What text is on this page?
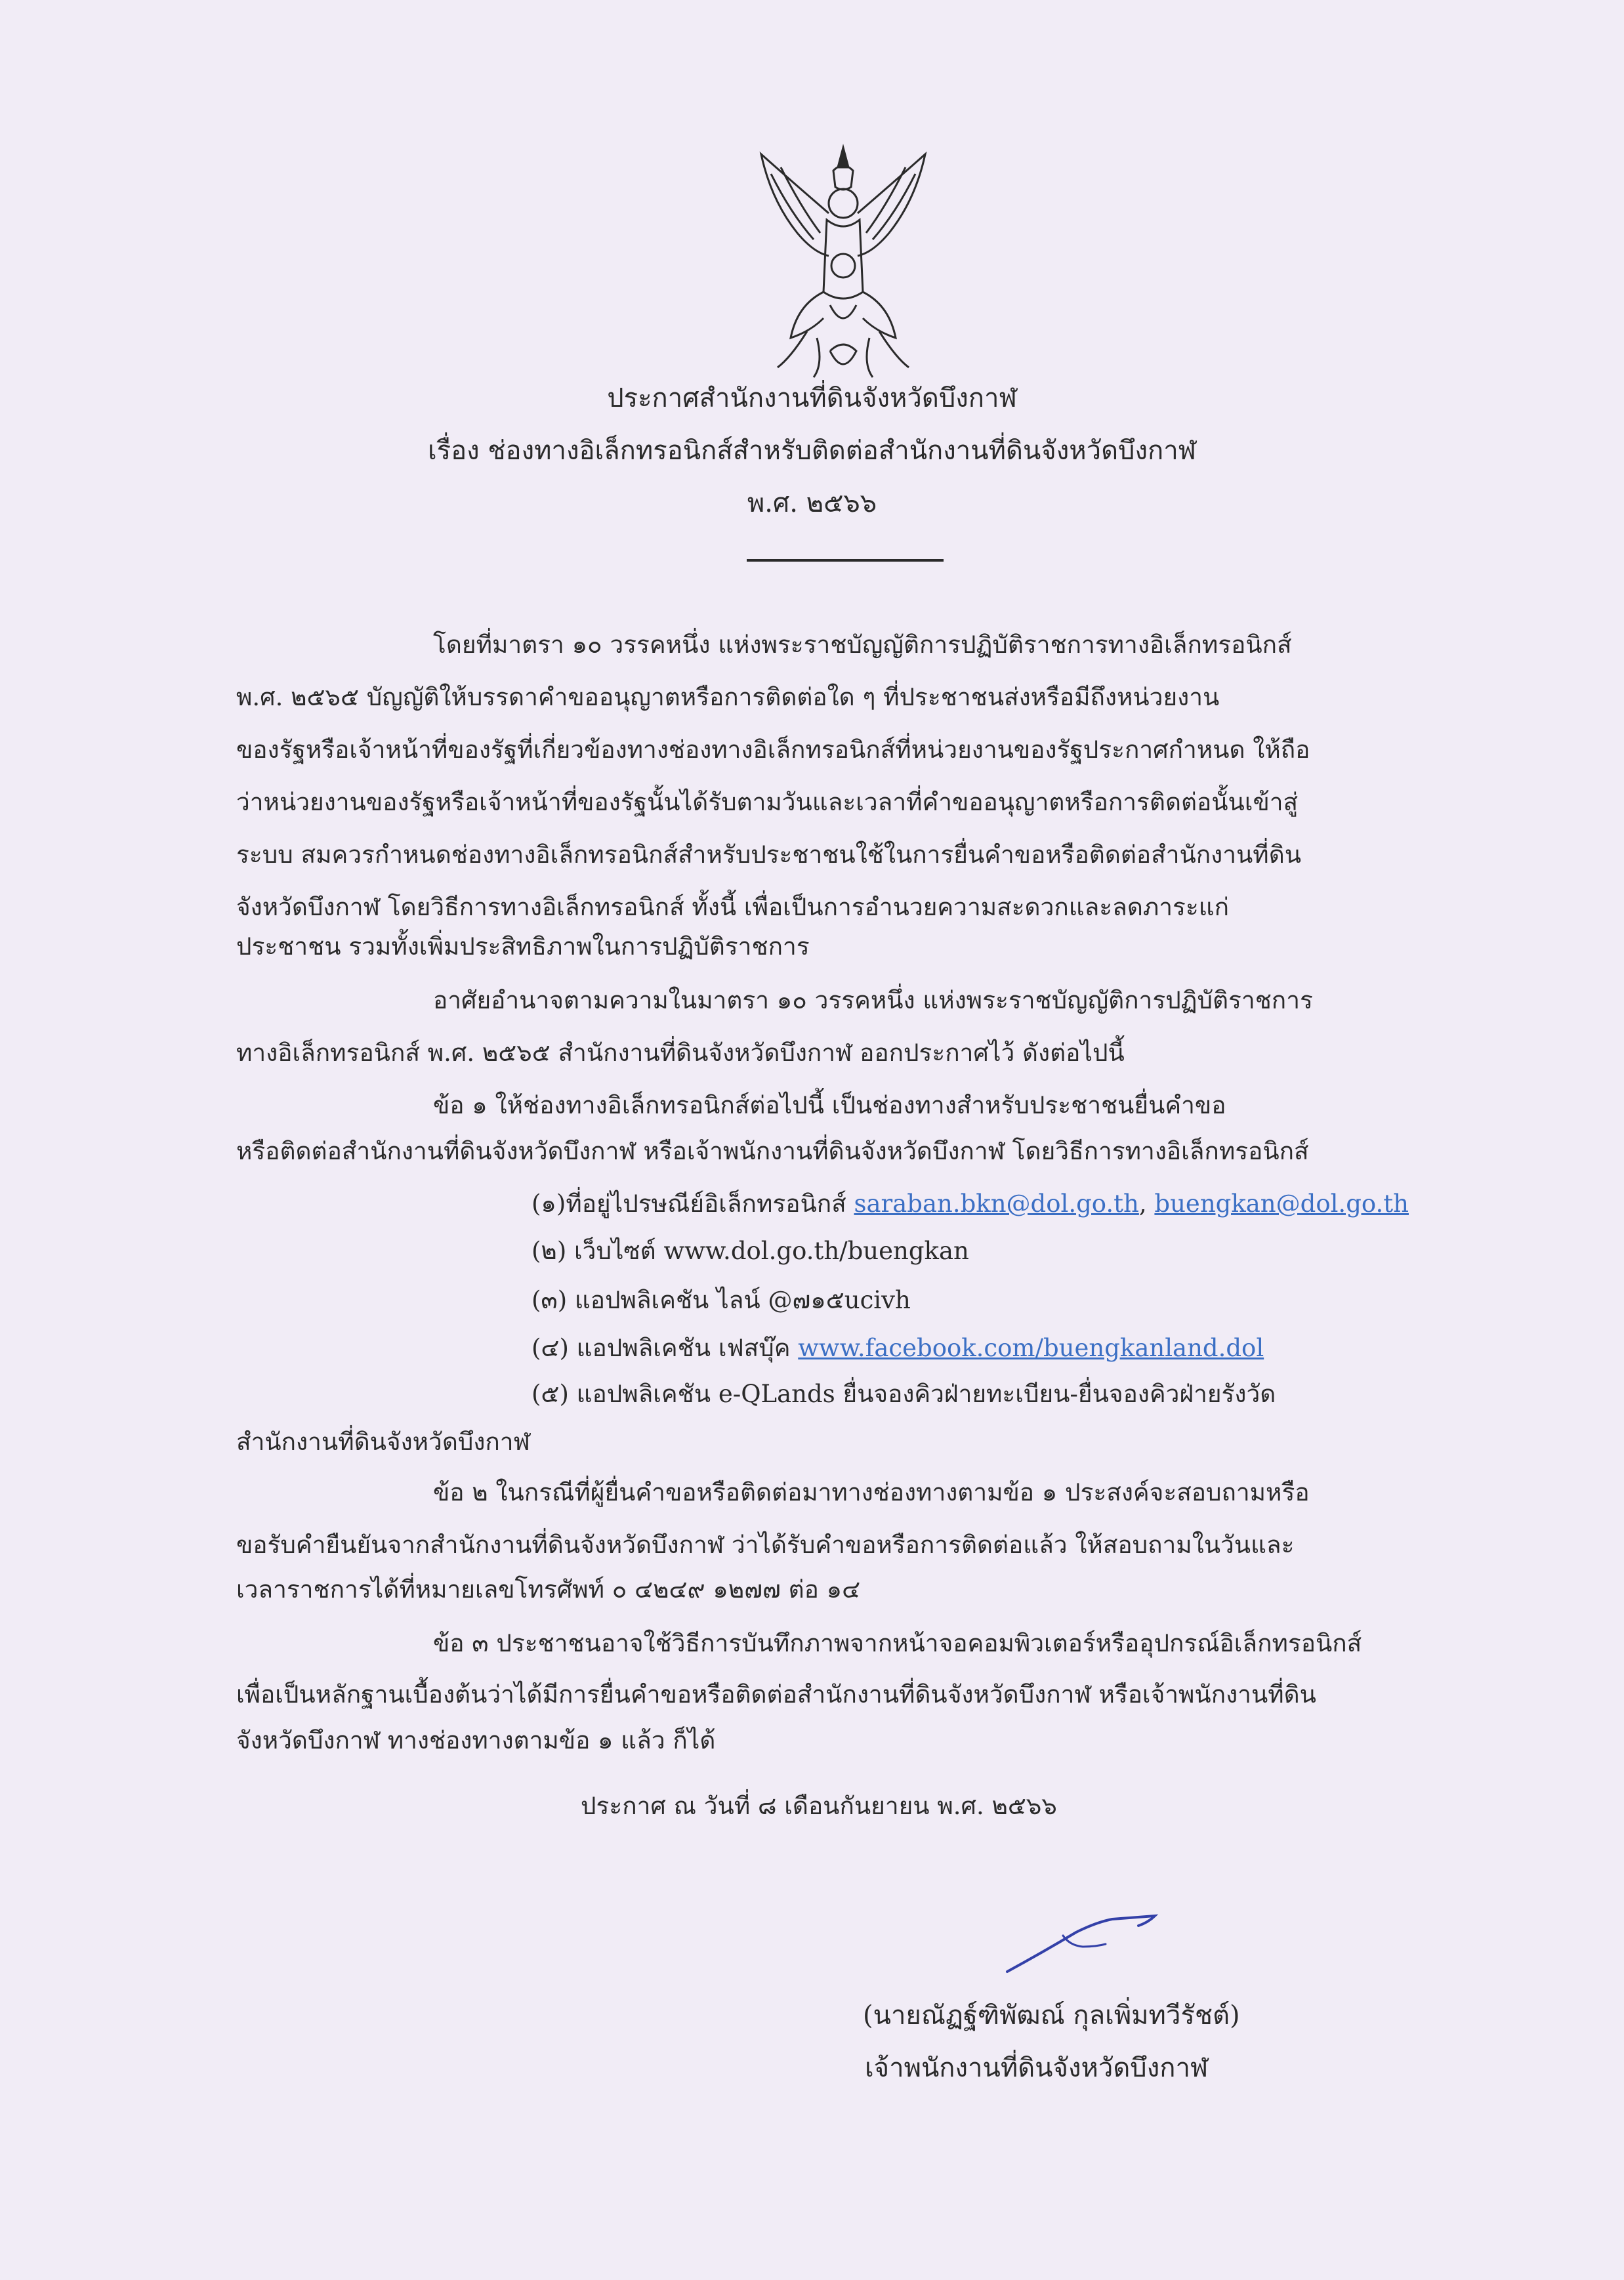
ประกาศสำนักงานที่ดินจังหวัดบึงกาฬ
เรื่อง ช่องทางอิเล็กทรอนิกส์สำหรับติดต่อสำนักงานที่ดินจังหวัดบึงกาฬ
พ.ศ. ๒๕๖๖
โดยที่มาตรา ๑๐ วรรคหนึ่ง แห่งพระราชบัญญัติการปฏิบัติราชการทางอิเล็กทรอนิกส์
พ.ศ. ๒๕๖๕ บัญญัติให้บรรดาคำขออนุญาตหรือการติดต่อใด ๆ ที่ประชาชนส่งหรือมีถึงหน่วยงาน
ของรัฐหรือเจ้าหน้าที่ของรัฐที่เกี่ยวข้องทางช่องทางอิเล็กทรอนิกส์ที่หน่วยงานของรัฐประกาศกำหนด ให้ถือ
ว่าหน่วยงานของรัฐหรือเจ้าหน้าที่ของรัฐนั้นได้รับตามวันและเวลาที่คำขออนุญาตหรือการติดต่อนั้นเข้าสู่
ระบบ สมควรกำหนดช่องทางอิเล็กทรอนิกส์สำหรับประชาชนใช้ในการยื่นคำขอหรือติดต่อสำนักงานที่ดิน
จังหวัดบึงกาฬ โดยวิธีการทางอิเล็กทรอนิกส์ ทั้งนี้ เพื่อเป็นการอำนวยความสะดวกและลดภาระแก่
ประชาชน รวมทั้งเพิ่มประสิทธิภาพในการปฏิบัติราชการ
อาศัยอำนาจตามความในมาตรา ๑๐ วรรคหนึ่ง แห่งพระราชบัญญัติการปฏิบัติราชการ
ทางอิเล็กทรอนิกส์ พ.ศ. ๒๕๖๕ สำนักงานที่ดินจังหวัดบึงกาฬ ออกประกาศไว้ ดังต่อไปนี้
ข้อ ๑ ให้ช่องทางอิเล็กทรอนิกส์ต่อไปนี้ เป็นช่องทางสำหรับประชาชนยื่นคำขอ
หรือติดต่อสำนักงานที่ดินจังหวัดบึงกาฬ หรือเจ้าพนักงานที่ดินจังหวัดบึงกาฬ โดยวิธีการทางอิเล็กทรอนิกส์
(๑)ที่อยู่ไปรษณีย์อิเล็กทรอนิกส์ saraban.bkn@dol.go.th, buengkan@dol.go.th
(๒) เว็บไซต์ www.dol.go.th/buengkan
(๓) แอปพลิเคชัน ไลน์ @๗๑๕ucivh
(๔) แอปพลิเคชัน เฟสบุ๊ค www.facebook.com/buengkanland.dol
(๕) แอปพลิเคชัน e-QLands ยื่นจองคิวฝ่ายทะเบียน-ยื่นจองคิวฝ่ายรังวัด
สำนักงานที่ดินจังหวัดบึงกาฬ
ข้อ ๒ ในกรณีที่ผู้ยื่นคำขอหรือติดต่อมาทางช่องทางตามข้อ ๑ ประสงค์จะสอบถามหรือ
ขอรับคำยืนยันจากสำนักงานที่ดินจังหวัดบึงกาฬ ว่าได้รับคำขอหรือการติดต่อแล้ว ให้สอบถามในวันและ
เวลาราชการได้ที่หมายเลขโทรศัพท์ ๐ ๔๒๔๙ ๑๒๗๗ ต่อ ๑๔
ข้อ ๓ ประชาชนอาจใช้วิธีการบันทึกภาพจากหน้าจอคอมพิวเตอร์หรืออุปกรณ์อิเล็กทรอนิกส์
เพื่อเป็นหลักฐานเบื้องต้นว่าได้มีการยื่นคำขอหรือติดต่อสำนักงานที่ดินจังหวัดบึงกาฬ หรือเจ้าพนักงานที่ดิน
จังหวัดบึงกาฬ ทางช่องทางตามข้อ ๑ แล้ว ก็ได้
ประกาศ ณ วันที่ ๘ เดือนกันยายน พ.ศ. ๒๕๖๖
(นายณัฏฐ์ฑิพัฒณ์ กุลเพิ่มทวีรัชต์)
เจ้าพนักงานที่ดินจังหวัดบึงกาฬ
